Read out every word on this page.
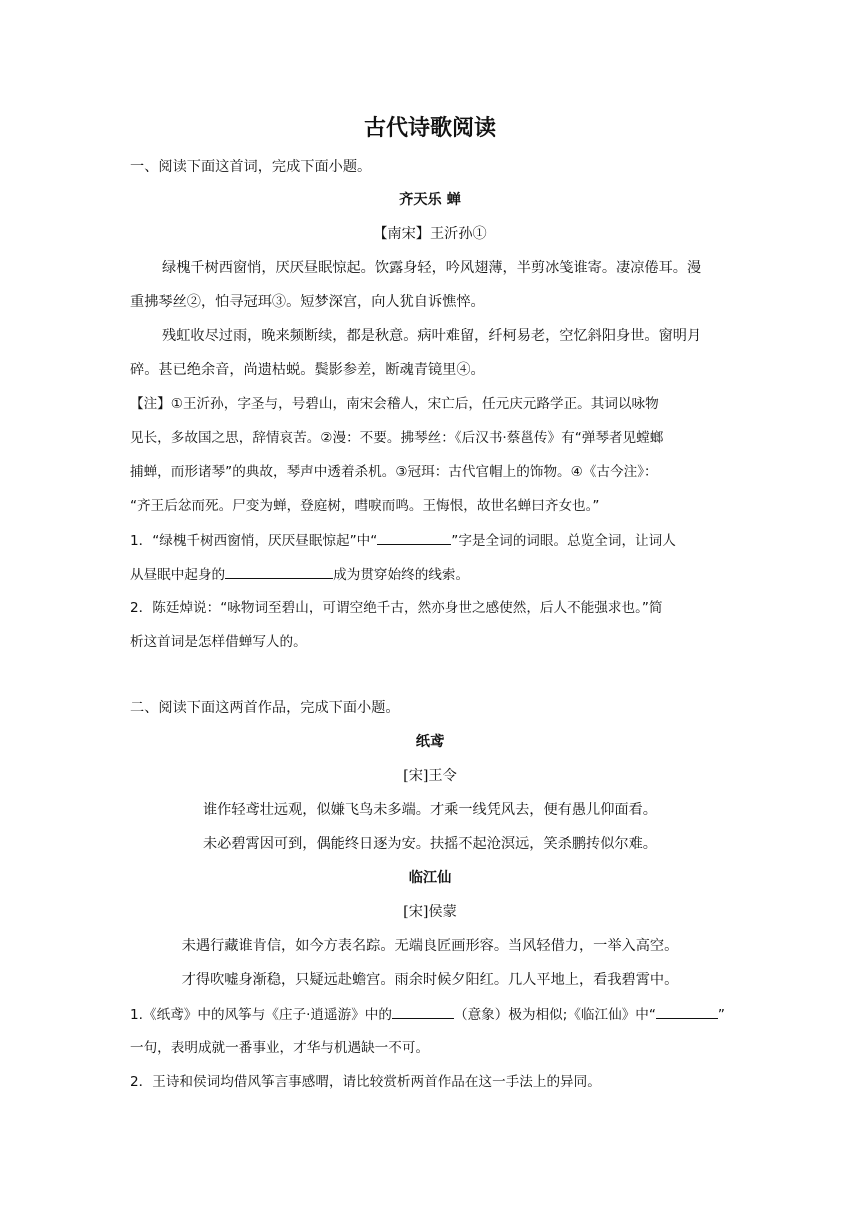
古代诗歌阅读
一、阅读下面这首词，完成下面小题。
齐天乐 蝉
【南宋】王沂孙①
绿槐千树西窗悄，厌厌昼眠惊起。饮露身轻，吟风翅薄，半剪冰笺谁寄。凄凉倦耳。漫
重拂琴丝②，怕寻冠珥③。短梦深宫，向人犹自诉憔悴。
残虹收尽过雨，晚来频断续，都是秋意。病叶难留，纤柯易老，空忆斜阳身世。窗明月
碎。甚已绝余音，尚遗枯蜕。鬓影参差，断魂青镜里④。
【注】①王沂孙，字圣与，号碧山，南宋会稽人，宋亡后，任元庆元路学正。其词以咏物
见长，多故国之思，辞情哀苦。②漫：不要。拂琴丝：《后汉书·蔡邕传》有“弹琴者见螳螂
捕蝉，而形诸琴”的典故，琴声中透着杀机。③冠珥：古代官帽上的饰物。④《古今注》：
“齐王后忿而死。尸变为蝉，登庭树，嘒唳而鸣。王悔恨，故世名蝉曰齐女也。”
1．“绿槐千树西窗悄，厌厌昼眠惊起”中“	”字是全词的词眼。总览全词，让词人
从昼眠中起身的	成为贯穿始终的线索。
2．陈廷焯说：“咏物词至碧山，可谓空绝千古，然亦身世之感使然，后人不能强求也。”简
析这首词是怎样借蝉写人的。
二、阅读下面这两首作品，完成下面小题。
纸鸢
[宋]王令
谁作轻鸢壮远观，似嫌飞鸟未多端。才乘一线凭风去，便有愚儿仰面看。
未必碧霄因可到，偶能终日逐为安。扶摇不起沧溟远，笑杀鹏抟似尔难。
临江仙
[宋]侯蒙
未遇行藏谁肯信，如今方表名踪。无端良匠画形容。当风轻借力，一举入高空。
才得吹嘘身渐稳，只疑远赴蟾宫。雨余时候夕阳红。几人平地上，看我碧霄中。
1.《纸鸢》中的风筝与《庄子·逍遥游》中的	（意象）极为相似;《临江仙》中“	”
一句，表明成就一番事业，才华与机遇缺一不可。
2．王诗和侯词均借风筝言事感喟，请比较赏析两首作品在这一手法上的异同。
